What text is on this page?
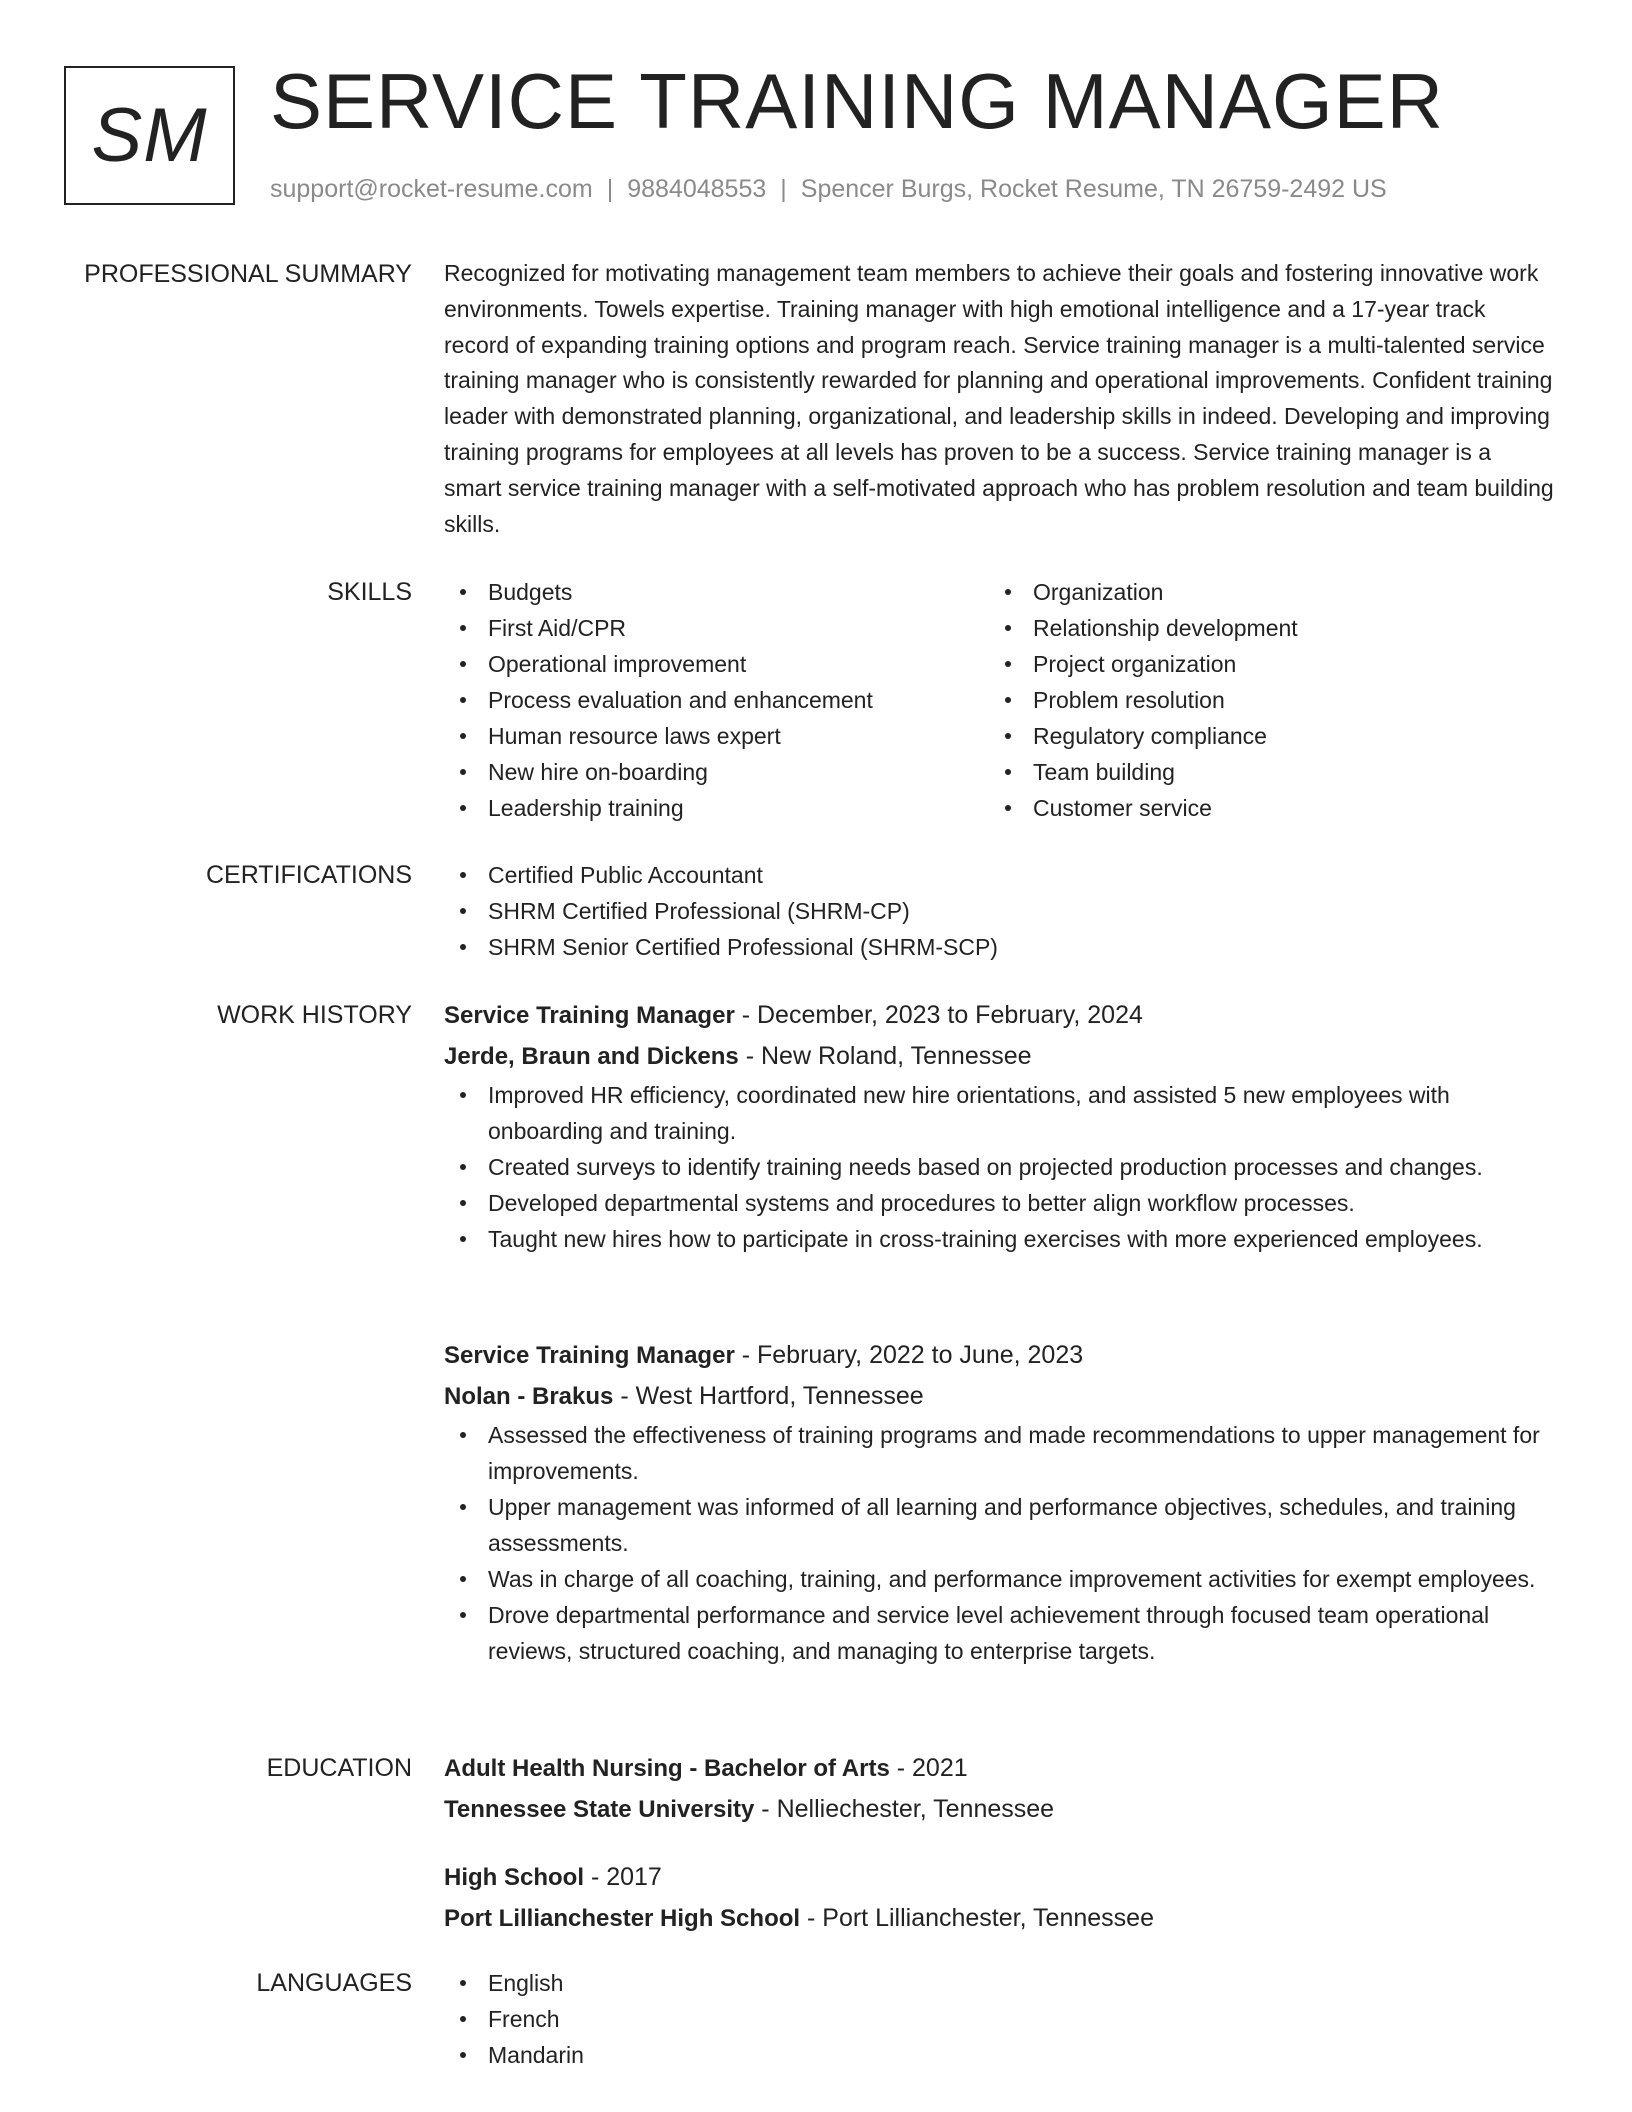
SM SERVICE TRAINING MANAGER
support@rocket-resume.com | 9884048553 | Spencer Burgs, Rocket Resume, TN 26759-2492 US
PROFESSIONAL SUMMARY Recognized for motivating management team members to achieve their goals and fostering innovative work environments. Towels expertise. Training manager with high emotional intelligence and a 17-year track record of expanding training options and program reach. Service training manager is a multi-talented service training manager who is consistently rewarded for planning and operational improvements. Confident training leader with demonstrated planning, organizational, and leadership skills in indeed. Developing and improving training programs for employees at all levels has proven to be a success. Service training manager is a smart service training manager with a self-motivated approach who has problem resolution and team building skills.

SKILLS	Budgets
First Aid/CPR
Operational improvement
Process evaluation and enhancement
Human resource laws expert
New hire on-boarding
Leadership training
Organization
Relationship development
Project organization
Problem resolution
Regulatory compliance
Team building
Customer service
CERTIFICATIONS	Certified Public Accountant
SHRM Certified Professional (SHRM-CP)
SHRM Senior Certified Professional (SHRM-SCP)
WORK HISTORY Service Training Manager - December, 2023 to February, 2024
Jerde, Braun and Dickens - New Roland, Tennessee
Improved HR efficiency, coordinated new hire orientations, and assisted 5 new employees with onboarding and training.
Created surveys to identify training needs based on projected production processes and changes.
Developed departmental systems and procedures to better align workflow processes.
Taught new hires how to participate in cross-training exercises with more experienced employees.
Service Training Manager - February, 2022 to June, 2023
Nolan - Brakus - West Hartford, Tennessee
Assessed the effectiveness of training programs and made recommendations to upper management for improvements.
Upper management was informed of all learning and performance objectives, schedules, and training assessments.
Was in charge of all coaching, training, and performance improvement activities for exempt employees.
Drove departmental performance and service level achievement through focused team operational reviews, structured coaching, and managing to enterprise targets.
EDUCATION Adult Health Nursing - Bachelor of Arts - 2021
Tennessee State University - Nelliechester, Tennessee
High School - 2017
Port Lillianchester High School - Port Lillianchester, Tennessee
LANGUAGES	English
French
Mandarin
